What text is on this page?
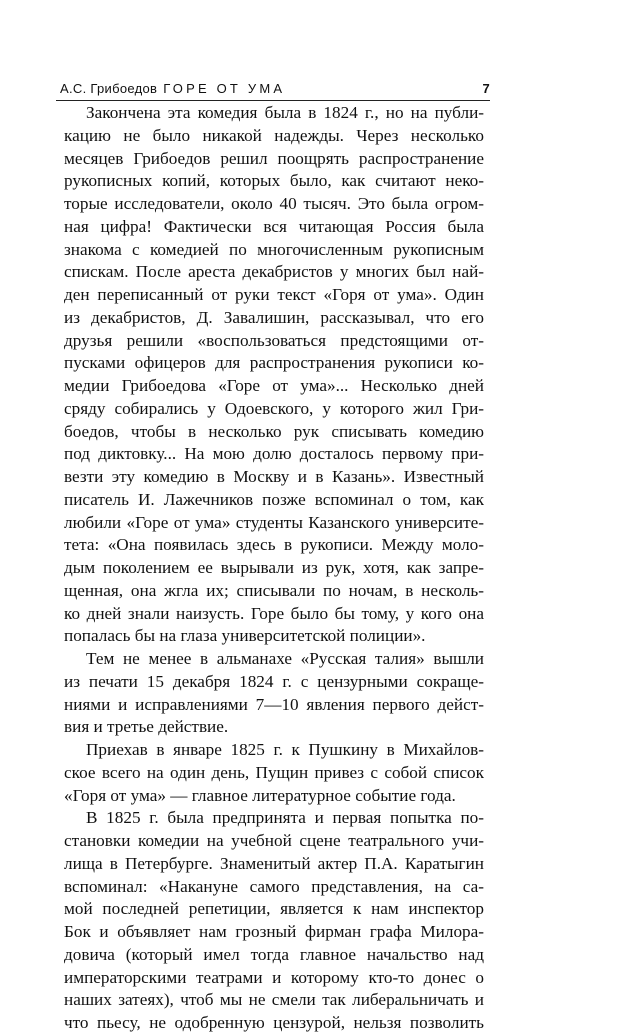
А.С. Грибоедов ГОРЕ ОТ УМА	7
Закончена эта комедия была в 1824 г., но на публи-
кацию не было никакой надежды. Через несколько
месяцев Грибоедов решил поощрять распространение
рукописных копий, которых было, как считают неко-
торые исследователи, около 40 тысяч. Это была огром-
ная цифра! Фактически вся читающая Россия была
знакома с комедией по многочисленным рукописным
спискам. После ареста декабристов у многих был най-
ден переписанный от руки текст «Горя от ума». Один
из декабристов, Д. Завалишин, рассказывал, что его
друзья решили «воспользоваться предстоящими от-
пусками офицеров для распространения рукописи ко-
медии Грибоедова «Горе от ума»... Несколько дней
сряду собирались у Одоевского, у которого жил Гри-
боедов, чтобы в несколько рук списывать комедию
под диктовку... На мою долю досталось первому при-
везти эту комедию в Москву и в Казань». Известный
писатель И. Лажечников позже вспоминал о том, как
любили «Горе от ума» студенты Казанского университе-
тета: «Она появилась здесь в рукописи. Между моло-
дым поколением ее вырывали из рук, хотя, как запре-
щенная, она жгла их; списывали по ночам, в несколь-
ко дней знали наизусть. Горе было бы тому, у кого она
попалась бы на глаза университетской полиции».
Тем не менее в альманахе «Русская талия» вышли
из печати 15 декабря 1824 г. с цензурными сокраще-
ниями и исправлениями 7—10 явления первого дейст-
вия и третье действие.
Приехав в январе 1825 г. к Пушкину в Михайлов-
ское всего на один день, Пущин привез с собой список
«Горя от ума» — главное литературное событие года.
В 1825 г. была предпринята и первая попытка по-
становки комедии на учебной сцене театрального учи-
лища в Петербурге. Знаменитый актер П.А. Каратыгин
вспоминал: «Накануне самого представления, на са-
мой последней репетиции, является к нам инспектор
Бок и объявляет нам грозный фирман графа Милора-
довича (который имел тогда главное начальство над
императорскими театрами и которому кто-то донес о
наших затеях), чтоб мы не смели так либеральничать и
что пьесу, не одобренную цензурой, нельзя позволить
